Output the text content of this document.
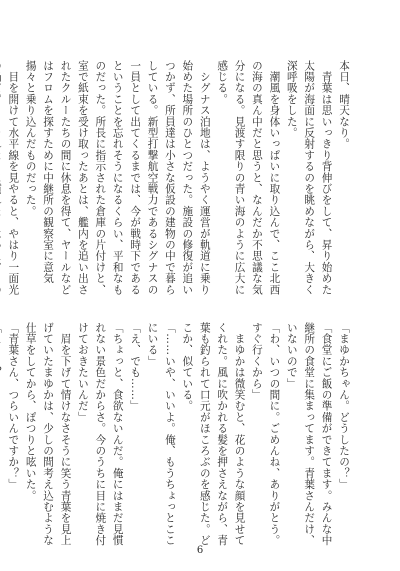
本日、晴天なり。
　青葉は思いっきり背伸びをして、昇り始めた太陽が海面に反射するのを眺めながら、大きく深呼吸をした。
　潮風を身体いっぱいに取り込んで、ここ北西の海の真ん中だと思うと、なんだか不思議な気分になる。見渡す限りの青い海のように広大に感じる。
　シグナス泊地は、ようやく運営が軌道に乗り始めた場所のひとつだった。施設の修復が追いつかず、所員達は小さな仮設の建物の中で暮らしている。新型打撃航空戦力であるシグナスの一員として出てくるまでは、今が戦時下であるということを忘れそうになるくらい、平和なものだった。所長に指示された倉庫の片付けと、室で紙束を受け取ったあとは、艦内を追い出されたクルーたちの間に休息を得て、ヤールなどはフロムを探すために中継所の観察室に意気揚々と乗り込んだものだった。
　目を開けて水平線を見やると、やはり一面光

「まゆかちゃん。どうしたの？」
「食堂にご飯の準備ができてます。みんな中継所の食堂に集まってます。青葉さんだけ、いないので」
「わ、いつの間に。ごめんね、ありがとう。すぐ行くから」
　まゆかは微笑むと、花のような顔を見せてくれた。風に吹かれる髪を押さえながら、青葉も釣られて口元がほころぶのを感じた。どこか、似ている。
「……いや、いいよ。俺、もうちょっとここにいる」
「え、でも……」
「ちょっと、食欲ないんだ。俺にはまだ見慣れない景色だからさ。今のうちに目に焼き付けておきたいんだ」
　眉を下げて情けなさそうに笑う青葉を見上げていたまゆかは、少しの間考え込むような仕草をしてから、ぽつりと呟いた。
「青葉さん、つらいんですか？」

6
